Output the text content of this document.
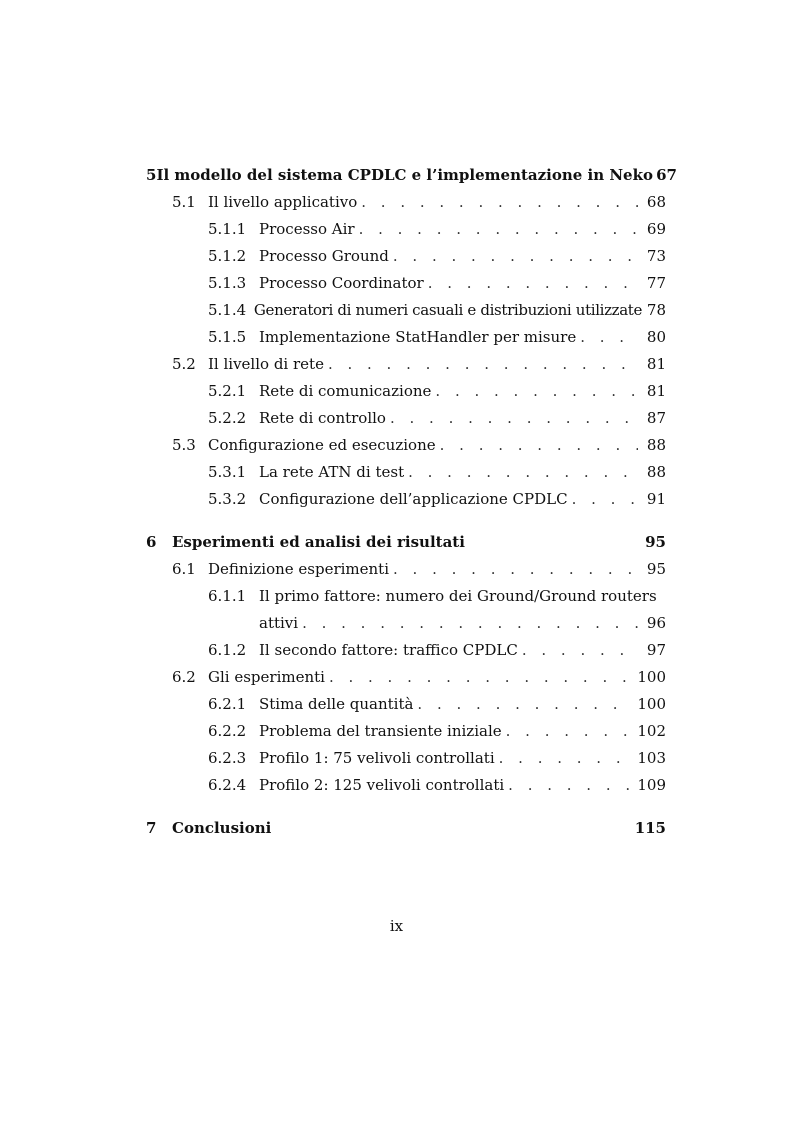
5 Il modello del sistema CPDLC e l’implementazione in Neko 67
5.1 Il livello applicativo . . .	68
5.1.1 Processo Air . . .	69
5.1.2 Processo Ground . . .	73
5.1.3 Processo Coordinator . . .	77
5.1.4 Generatori di numeri casuali e distribuzioni utilizzate 78
5.1.5 Implementazione StatHandler per misure . . .	80
5.2 Il livello di rete . . .	81
5.2.1 Rete di comunicazione . . .	81
5.2.2 Rete di controllo . . .	87
5.3 Configurazione ed esecuzione . . .	88
5.3.1 La rete ATN di test . . .	88
5.3.2 Configurazione dell’applicazione CPDLC . . .	91
6	Esperimenti ed analisi dei risultati	95
6.1 Definizione esperimenti . . .	95
6.1.1 Il primo fattore: numero dei Ground/Ground routers
attivi . . .	96
6.1.2 Il secondo fattore: traffico CPDLC . . .	97
6.2 Gli esperimenti . . .	100
6.2.1 Stima delle quantità . . .	100
6.2.2 Problema del transiente iniziale . . .	102
6.2.3 Profilo 1: 75 velivoli controllati . . .	103
6.2.4 Profilo 2: 125 velivoli controllati . . .	109
7	Conclusioni	115
ix
